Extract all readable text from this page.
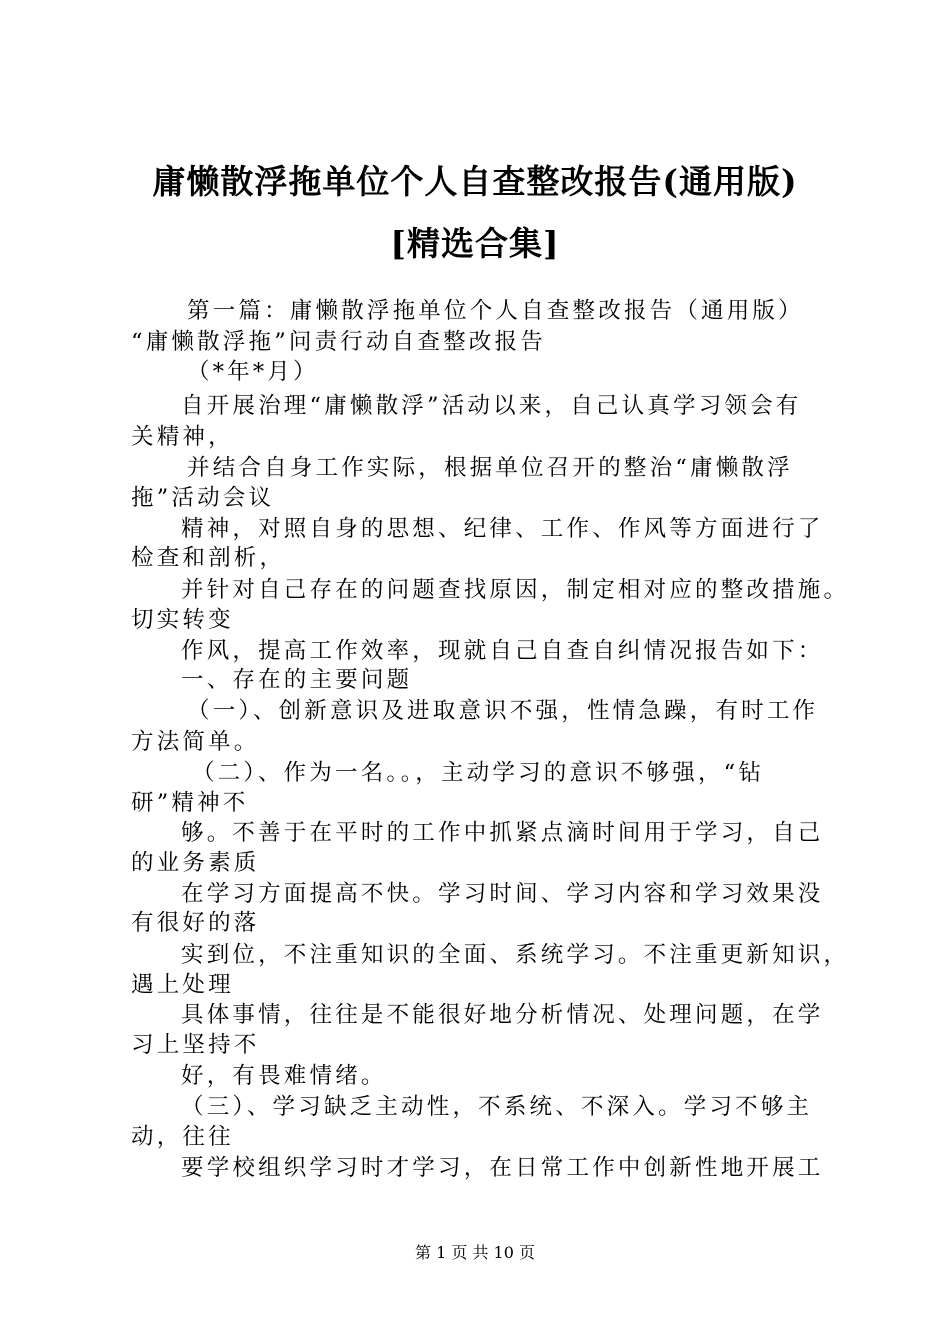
庸懒散浮拖单位个人自查整改报告(通用版)
[精选合集]
第一篇：庸懒散浮拖单位个人自查整改报告（通用版）
“庸懒散浮拖”问责行动自查整改报告
（*年*月）
自开展治理“庸懒散浮”活动以来，自己认真学习领会有
关精神，
并结合自身工作实际，根据单位召开的整治“庸懒散浮
拖”活动会议
精神，对照自身的思想、纪律、工作、作风等方面进行了
检查和剖析，
并针对自己存在的问题查找原因，制定相对应的整改措施。
切实转变
作风，提高工作效率，现就自己自查自纠情况报告如下：
一、存在的主要问题
（一）、创新意识及进取意识不强，性情急躁，有时工作
方法简单。
（二）、作为一名。。，主动学习的意识不够强，“钻
研”精神不
够。不善于在平时的工作中抓紧点滴时间用于学习，自己
的业务素质
在学习方面提高不快。学习时间、学习内容和学习效果没
有很好的落
实到位，不注重知识的全面、系统学习。不注重更新知识，
遇上处理
具体事情，往往是不能很好地分析情况、处理问题，在学
习上坚持不
好，有畏难情绪。
（三）、学习缺乏主动性，不系统、不深入。学习不够主
动，往往
要学校组织学习时才学习，在日常工作中创新性地开展工
第 1 页 共 10 页
